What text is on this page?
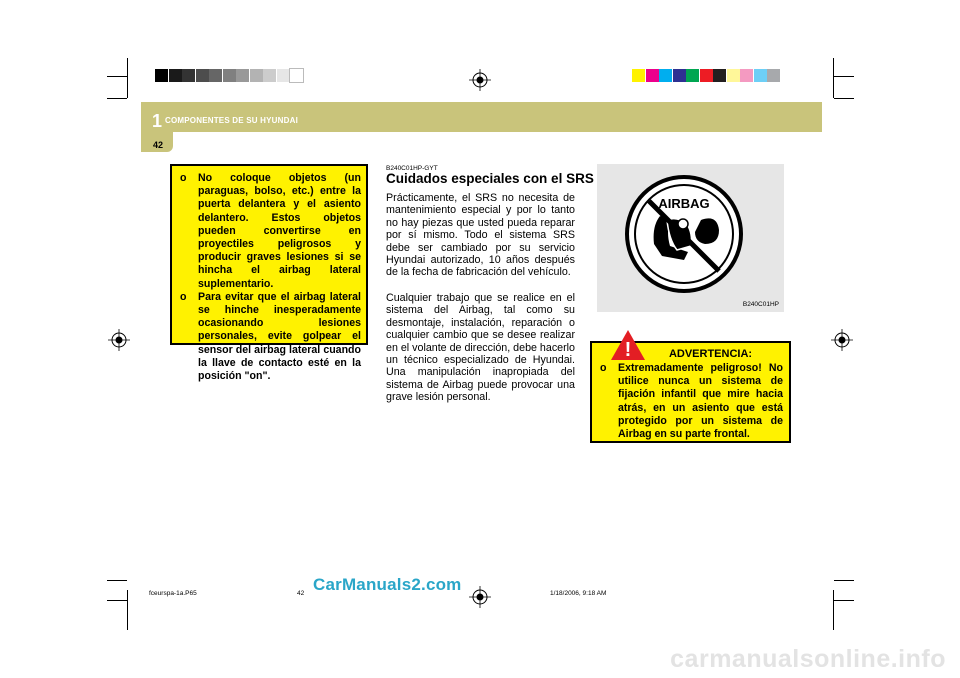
1 COMPONENTES DE SU HYUNDAI
42
o No coloque objetos (un paraguas, bolso, etc.) entre la puerta delantera y el asiento delantero. Estos objetos pueden convertirse en proyectiles peligrosos y producir graves lesiones si se hincha el airbag lateral suplementario.
o Para evitar que el airbag lateral se hinche inesperadamente ocasionando lesiones personales, evite golpear el sensor del airbag lateral cuando la llave de contacto esté en la posición "on".
B240C01HP-GYT
Cuidados especiales con el SRS
Prácticamente, el SRS no necesita de mantenimiento especial y por lo tanto no hay piezas que usted pueda reparar por sí mismo. Todo el sistema SRS debe ser cambiado por su servicio Hyundai autorizado, 10 años después de la fecha de fabricación del vehículo.
Cualquier trabajo que se realice en el sistema del Airbag, tal como su desmontaje, instalación, reparación o cualquier cambio que se desee realizar en el volante de dirección, debe hacerlo un técnico especializado de Hyundai. Una manipulación inapropiada del sistema de Airbag puede provocar una grave lesión personal.
AIRBAG
B240C01HP
!	ADVERTENCIA:
o Extremadamente peligroso! No utilice nunca un sistema de fijación infantil que mire hacia atrás, en un asiento que está protegido por un sistema de Airbag en su parte frontal.
fceurspa-1a.P65	42	1/18/2006, 9:18 AM
CarManuals2.com
carmanualsonline.info
